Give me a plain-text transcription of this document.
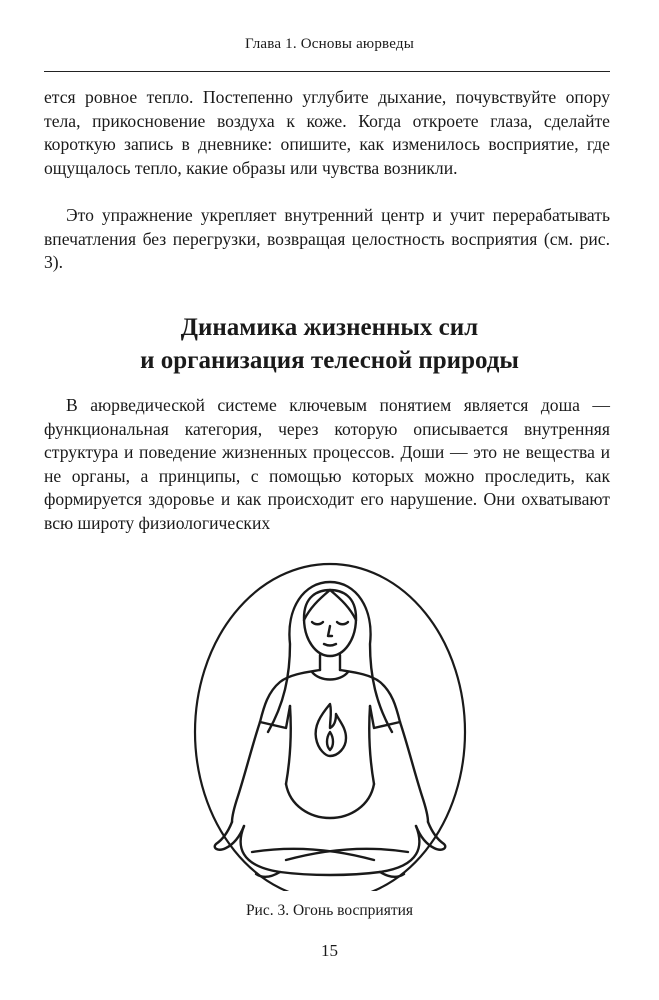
Глава 1. Основы аюрведы

ется ровное тепло. Постепенно углубите дыхание, почувствуйте опору тела, прикосновение воздуха к коже. Когда откроете глаза, сделайте короткую запись в дневнике: опишите, как изменилось восприятие, где ощущалось тепло, какие образы или чувства возникли.

Это упражнение укрепляет внутренний центр и учит перерабатывать впечатления без перегрузки, возвращая целостность восприятия (см. рис. 3).

Динамика жизненных сил
и организация телесной природы

В аюрведической системе ключевым понятием является доша — функциональная категория, через которую описывается внутренняя структура и поведение жизненных процессов. Доши — это не вещества и не органы, а принципы, с помощью которых можно проследить, как формируется здоровье и как происходит его нарушение. Они охватывают всю широту физиологических

Рис. 3. Огонь восприятия
15
